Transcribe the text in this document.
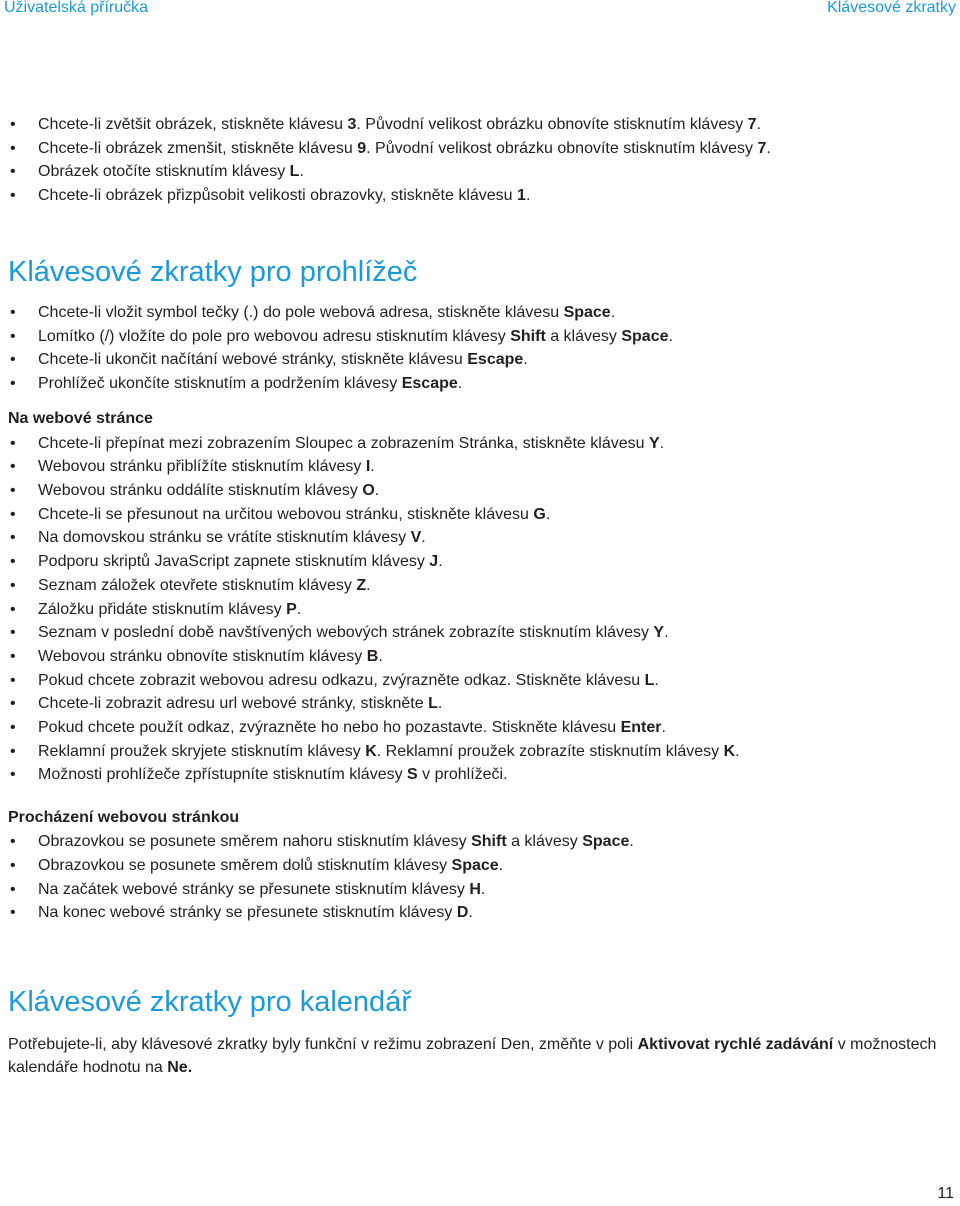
Uživatelská příručka	Klávesové zkratky
• Chcete-li zvětšit obrázek, stiskněte klávesu 3. Původní velikost obrázku obnovíte stisknutím klávesy 7.
• Chcete-li obrázek zmenšit, stiskněte klávesu 9. Původní velikost obrázku obnovíte stisknutím klávesy 7.
• Obrázek otočíte stisknutím klávesy L.
• Chcete-li obrázek přizpůsobit velikosti obrazovky, stiskněte klávesu 1.
Klávesové zkratky pro prohlížeč
• Chcete-li vložit symbol tečky (.) do pole webová adresa, stiskněte klávesu Space.
• Lomítko (/) vložíte do pole pro webovou adresu stisknutím klávesy Shift a klávesy Space.
• Chcete-li ukončit načítání webové stránky, stiskněte klávesu Escape.
• Prohlížeč ukončíte stisknutím a podržením klávesy Escape.
Na webové stránce
• Chcete-li přepínat mezi zobrazením Sloupec a zobrazením Stránka, stiskněte klávesu Y.
• Webovou stránku přiblížíte stisknutím klávesy I.
• Webovou stránku oddálíte stisknutím klávesy O.
• Chcete-li se přesunout na určitou webovou stránku, stiskněte klávesu G.
• Na domovskou stránku se vrátíte stisknutím klávesy V.
• Podporu skriptů JavaScript zapnete stisknutím klávesy J.
• Seznam záložek otevřete stisknutím klávesy Z.
• Záložku přidáte stisknutím klávesy P.
• Seznam v poslední době navštívených webových stránek zobrazíte stisknutím klávesy Y.
• Webovou stránku obnovíte stisknutím klávesy B.
• Pokud chcete zobrazit webovou adresu odkazu, zvýrazněte odkaz. Stiskněte klávesu L.
• Chcete-li zobrazit adresu url webové stránky, stiskněte L.
• Pokud chcete použít odkaz, zvýrazněte ho nebo ho pozastavte. Stiskněte klávesu Enter.
• Reklamní proužek skryjete stisknutím klávesy K. Reklamní proužek zobrazíte stisknutím klávesy K.
• Možnosti prohlížeče zpřístupníte stisknutím klávesy S v prohlížeči.
Procházení webovou stránkou
• Obrazovkou se posunete směrem nahoru stisknutím klávesy Shift a klávesy Space.
• Obrazovkou se posunete směrem dolů stisknutím klávesy Space.
• Na začátek webové stránky se přesunete stisknutím klávesy H.
• Na konec webové stránky se přesunete stisknutím klávesy D.
Klávesové zkratky pro kalendář

Potřebujete-li, aby klávesové zkratky byly funkční v režimu zobrazení Den, změňte v poli Aktivovat rychlé zadávání v možnostech kalendáře hodnotu na Ne.

11
